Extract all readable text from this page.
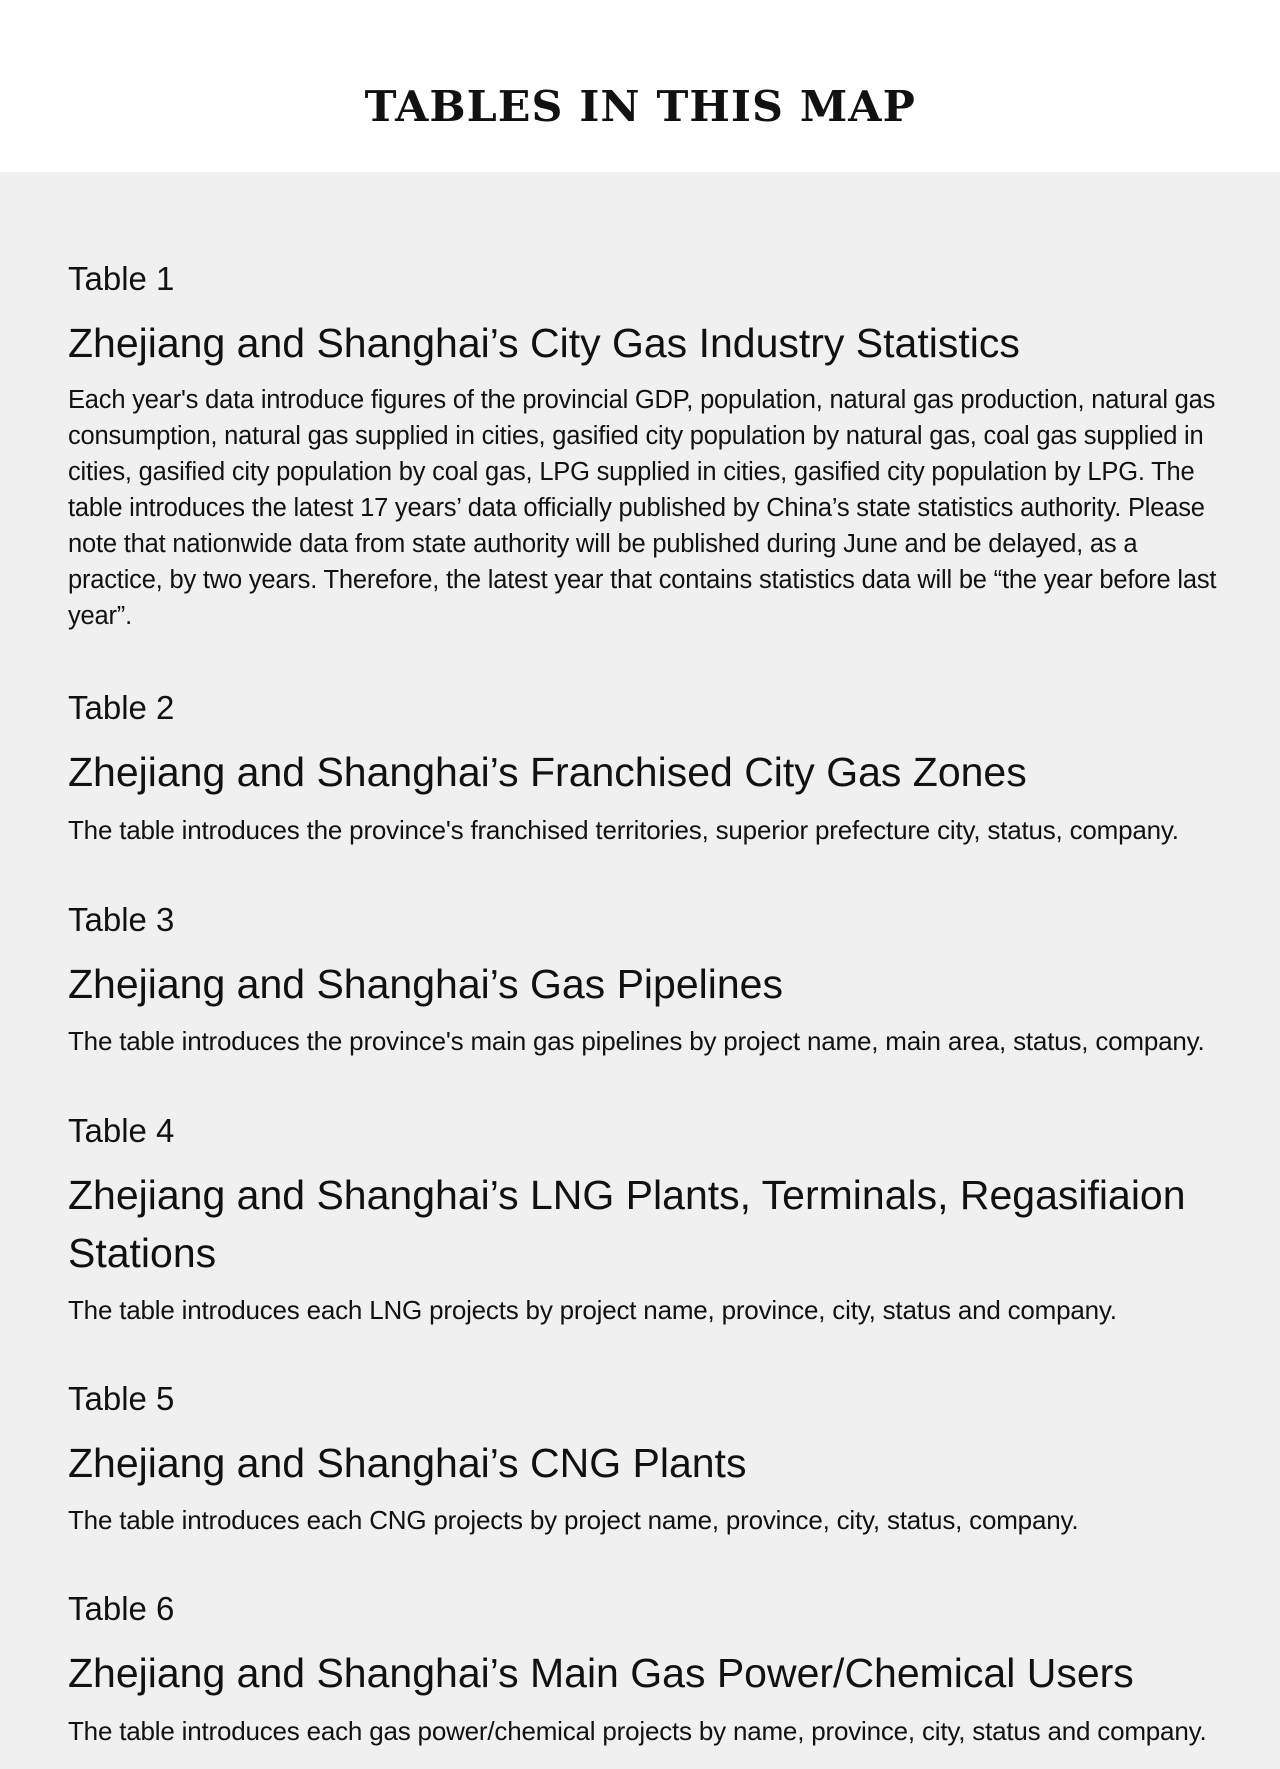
TABLES IN THIS MAP
Table 1
Zhejiang and Shanghai’s City Gas Industry Statistics

Each year's data introduce figures of the provincial GDP, population, natural gas production, natural gas consumption, natural gas supplied in cities, gasified city population by natural gas, coal gas supplied in cities, gasified city population by coal gas, LPG supplied in cities, gasified city population by LPG. The table introduces the latest 17 years’ data officially published by China’s state statistics authority. Please note that nationwide data from state authority will be published during June and be delayed, as a practice, by two years. Therefore, the latest year that contains statistics data will be “the year before last year”.

Table 2
Zhejiang and Shanghai’s Franchised City Gas Zones

The table introduces the province's franchised territories, superior prefecture city, status, company.

Table 3
Zhejiang and Shanghai’s Gas Pipelines

The table introduces the province's main gas pipelines by project name, main area, status, company.

Table 4
Zhejiang and Shanghai’s LNG Plants, Terminals, Regasifiaion Stations

The table introduces each LNG projects by project name, province, city, status and company.

Table 5
Zhejiang and Shanghai’s CNG Plants

The table introduces each CNG projects by project name, province, city, status, company.

Table 6
Zhejiang and Shanghai’s Main Gas Power/Chemical Users

The table introduces each gas power/chemical projects by name, province, city, status and company.
